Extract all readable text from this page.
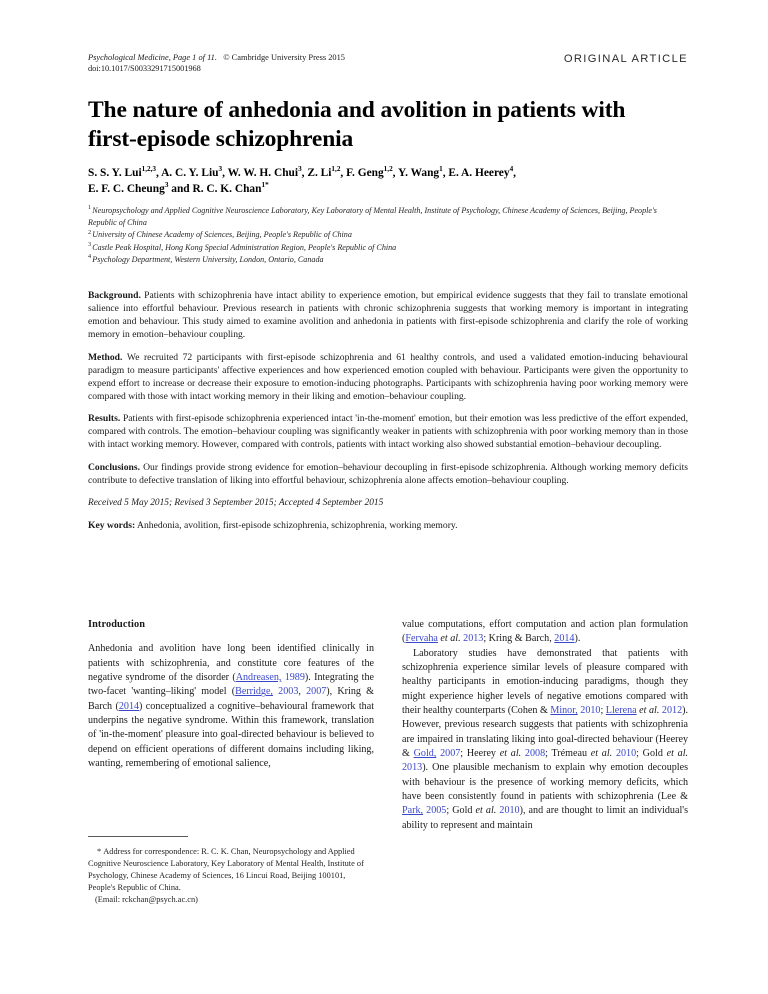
Psychological Medicine, Page 1 of 11. © Cambridge University Press 2015
doi:10.1017/S0033291715001968
ORIGINAL ARTICLE
The nature of anhedonia and avolition in patients with first-episode schizophrenia
S. S. Y. Lui$^{1,2,3}$, A. C. Y. Liu$^3$, W. W. H. Chui$^3$, Z. Li$^{1,2}$, F. Geng$^{1,2}$, Y. Wang$^1$, E. A. Heerey$^4$,
E. F. C. Cheung$^3$ and R. C. K. Chan$^{1*}$

$^1$Neuropsychology and Applied Cognitive Neuroscience Laboratory, Key Laboratory of Mental Health, Institute of Psychology, Chinese Academy of Sciences, Beijing, People's Republic of China

$^2$University of Chinese Academy of Sciences, Beijing, People's Republic of China

$^3$Castle Peak Hospital, Hong Kong Special Administration Region, People's Republic of China

$^4$Psychology Department, Western University, London, Ontario, Canada

Background. Patients with schizophrenia have intact ability to experience emotion, but empirical evidence suggests that they fail to translate emotional salience into effortful behaviour. Previous research in patients with chronic schizophrenia suggests that working memory is important in integrating emotion and behaviour. This study aimed to examine avolition and anhedonia in patients with first-episode schizophrenia and clarify the role of working memory in emotion–behaviour coupling.

Method. We recruited 72 participants with first-episode schizophrenia and 61 healthy controls, and used a validated emotion-inducing behavioural paradigm to measure participants' affective experiences and how experienced emotion coupled with behaviour. Participants were given the opportunity to expend effort to increase or decrease their exposure to emotion-inducing photographs. Participants with schizophrenia having poor working memory were compared with those with intact working memory in their liking and emotion–behaviour coupling.

Results. Patients with first-episode schizophrenia experienced intact 'in-the-moment' emotion, but their emotion was less predictive of the effort expended, compared with controls. The emotion–behaviour coupling was significantly weaker in patients with schizophrenia with poor working memory than in those with intact working memory. However, compared with controls, patients with intact working also showed substantial emotion–behaviour decoupling.

Conclusions. Our findings provide strong evidence for emotion–behaviour decoupling in first-episode schizophrenia. Although working memory deficits contribute to defective translation of liking into effortful behaviour, schizophrenia alone affects emotion–behaviour coupling.

Received 5 May 2015; Revised 3 September 2015; Accepted 4 September 2015

Key words: Anhedonia, avolition, first-episode schizophrenia, schizophrenia, working memory.

Introduction

Anhedonia and avolition have long been identified clinically in patients with schizophrenia, and constitute core features of the negative syndrome of the disorder (Andreasen, 1989). Integrating the two-facet 'wanting–liking' model (Berridge, 2003, 2007), Kring & Barch (2014) conceptualized a cognitive–behavioural framework that underpins the negative syndrome. Within this framework, translation of 'in-the-moment' pleasure into goal-directed behaviour is believed to depend on efficient operations of different domains including liking, wanting, remembering of emotional salience,

value computations, effort computation and action plan formulation (Fervaha et al. 2013; Kring & Barch, 2014).

Laboratory studies have demonstrated that patients with schizophrenia experience similar levels of pleasure compared with healthy participants in emotion-inducing paradigms, though they might experience higher levels of negative emotions compared with their healthy counterparts (Cohen & Minor, 2010; Llerena et al. 2012). However, previous research suggests that patients with schizophrenia are impaired in translating liking into goal-directed behaviour (Heerey & Gold, 2007; Heerey et al. 2008; Trémeau et al. 2010; Gold et al. 2013). One plausible mechanism to explain why emotion decouples with behaviour is the presence of working memory deficits, which have been consistently found in patients with schizophrenia (Lee & Park, 2005; Gold et al. 2010), and are thought to limit an individual's ability to represent and maintain

* Address for correspondence: R. C. K. Chan, Neuropsychology and Applied Cognitive Neuroscience Laboratory, Key Laboratory of Mental Health, Institute of Psychology, Chinese Academy of Sciences, 16 Lincui Road, Beijing 100101, People's Republic of China.

(Email: rckchan@psych.ac.cn)
